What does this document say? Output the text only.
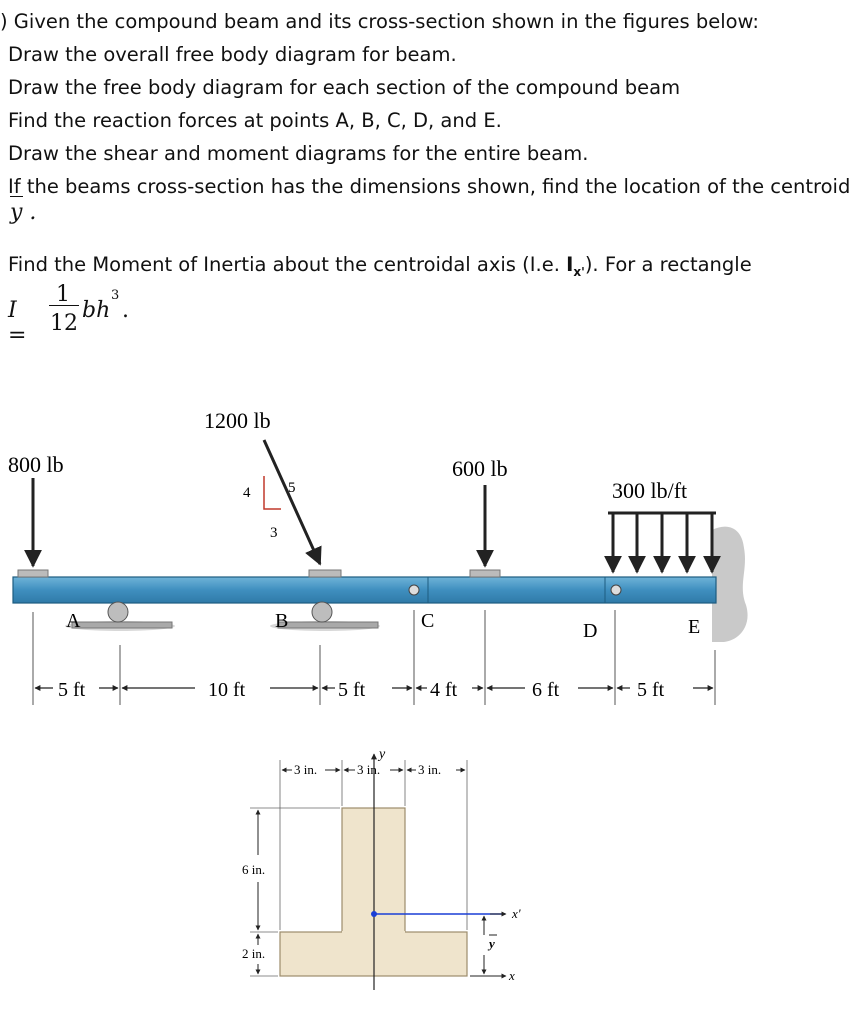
) Given the compound beam and its cross-section shown in the figures below:
Draw the overall free body diagram for beam.
Draw the free body diagram for each section of the compound beam
Find the reaction forces at points A, B, C, D, and E.
Draw the shear and moment diagrams for the entire beam.
If the beams cross-section has the dimensions shown, find the location of the centroid
y .
Find the Moment of Inertia about the centroidal axis (I.e. $I_{x'}$). For a rectangle
I =
1
12
bh
3
.
800 lb
1200 lb
4	5
3
600 lb
300 lb/ft
A	B	C	D	E
5 ft	10 ft	5 ft	4 ft	6 ft	5 ft
3 in.	3 in.	3 in.
6 in.
2 in.
y
x'
x
y
